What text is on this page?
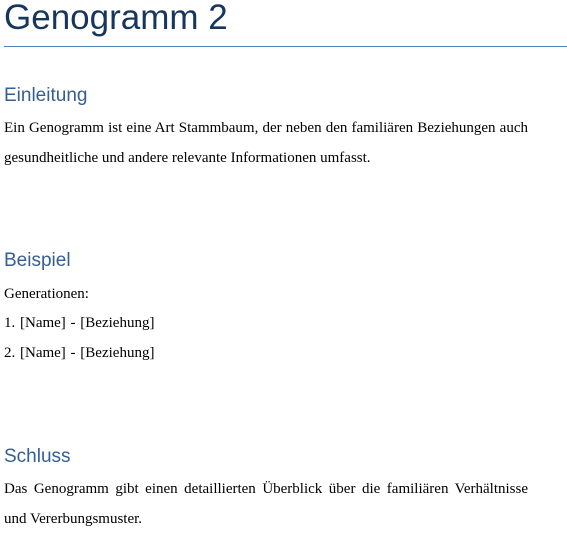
Genogramm 2
Einleitung
Ein Genogramm ist eine Art Stammbaum, der neben den familiären Beziehungen auch gesundheitliche und andere relevante Informationen umfasst.
Beispiel
Generationen:
1. [Name] - [Beziehung]
2. [Name] - [Beziehung]
Schluss
Das Genogramm gibt einen detaillierten Überblick über die familiären Verhältnisse und Vererbungsmuster.
